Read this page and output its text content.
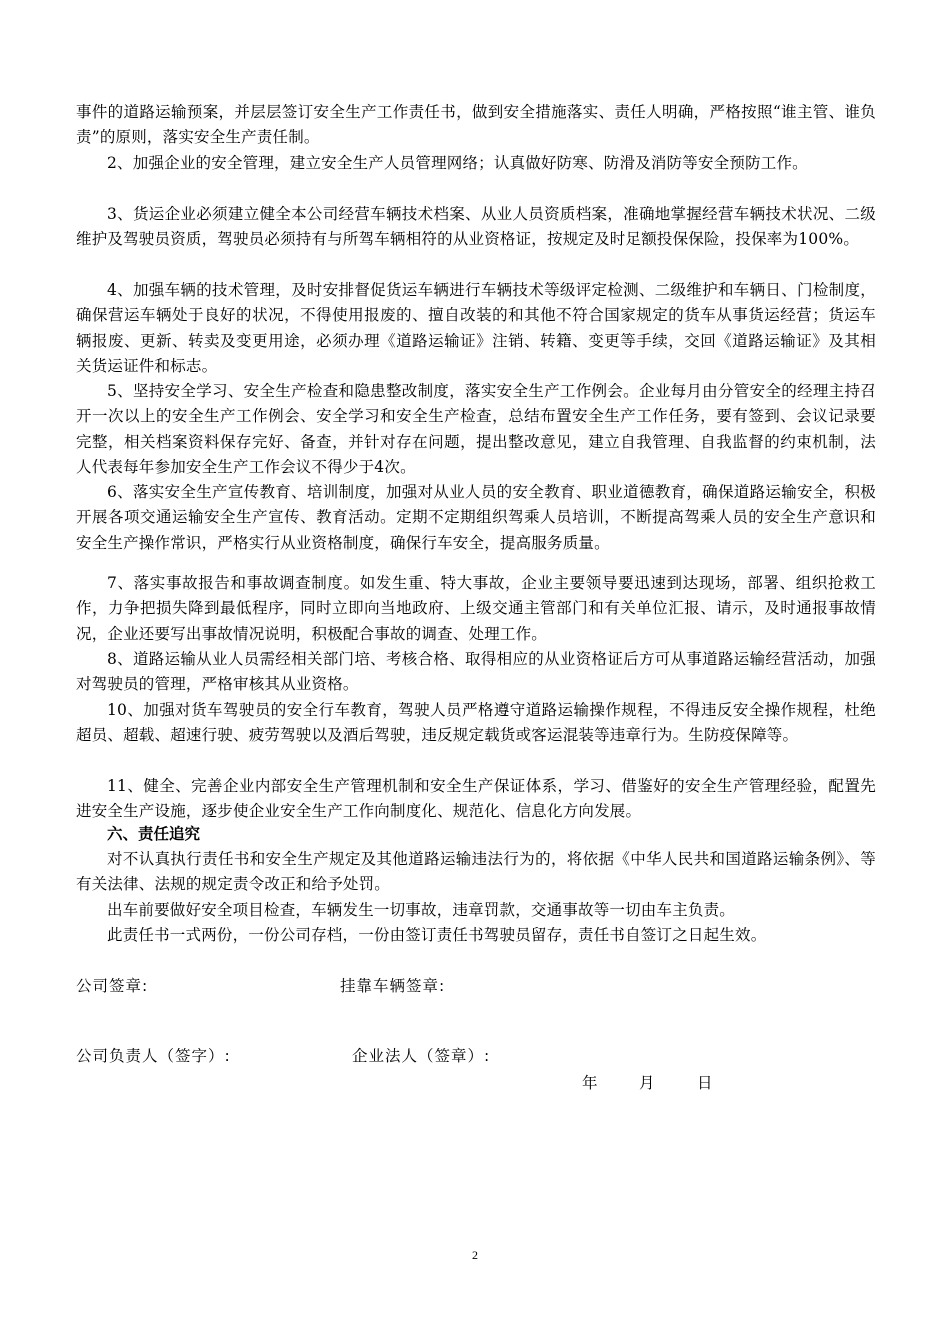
事件的道路运输预案，并层层签订安全生产工作责任书，做到安全措施落实、责任人明确，严格按照“谁主管、谁负责”的原则，落实安全生产责任制。

2、加强企业的安全管理，建立安全生产人员管理网络；认真做好防寒、防滑及消防等安全预防工作。

3、货运企业必须建立健全本公司经营车辆技术档案、从业人员资质档案，准确地掌握经营车辆技术状况、二级维护及驾驶员资质，驾驶员必须持有与所驾车辆相符的从业资格证，按规定及时足额投保保险，投保率为100%。

4、加强车辆的技术管理，及时安排督促货运车辆进行车辆技术等级评定检测、二级维护和车辆日、门检制度，确保营运车辆处于良好的状况，不得使用报废的、擅自改装的和其他不符合国家规定的货车从事货运经营；货运车辆报废、更新、转卖及变更用途，必须办理《道路运输证》注销、转籍、变更等手续，交回《道路运输证》及其相关货运证件和标志。

5、坚持安全学习、安全生产检查和隐患整改制度，落实安全生产工作例会。企业每月由分管安全的经理主持召开一次以上的安全生产工作例会、安全学习和安全生产检查，总结布置安全生产工作任务，要有签到、会议记录要完整，相关档案资料保存完好、备查，并针对存在问题，提出整改意见，建立自我管理、自我监督的约束机制，法人代表每年参加安全生产工作会议不得少于4次。

6、落实安全生产宣传教育、培训制度，加强对从业人员的安全教育、职业道德教育，确保道路运输安全，积极开展各项交通运输安全生产宣传、教育活动。定期不定期组织驾乘人员培训，不断提高驾乘人员的安全生产意识和安全生产操作常识，严格实行从业资格制度，确保行车安全，提高服务质量。

7、落实事故报告和事故调查制度。如发生重、特大事故，企业主要领导要迅速到达现场，部署、组织抢救工作，力争把损失降到最低程序，同时立即向当地政府、上级交通主管部门和有关单位汇报、请示，及时通报事故情况，企业还要写出事故情况说明，积极配合事故的调查、处理工作。

8、道路运输从业人员需经相关部门培、考核合格、取得相应的从业资格证后方可从事道路运输经营活动，加强对驾驶员的管理，严格审核其从业资格。

10、加强对货车驾驶员的安全行车教育，驾驶人员严格遵守道路运输操作规程，不得违反安全操作规程，杜绝超员、超载、超速行驶、疲劳驾驶以及酒后驾驶，违反规定载货或客运混装等违章行为。生防疫保障等。

11、健全、完善企业内部安全生产管理机制和安全生产保证体系，学习、借鉴好的安全生产管理经验，配置先进安全生产设施，逐步使企业安全生产工作向制度化、规范化、信息化方向发展。

六、责任追究

对不认真执行责任书和安全生产规定及其他道路运输违法行为的，将依据《中华人民共和国道路运输条例》、等有关法律、法规的规定责令改正和给予处罚。

出车前要做好安全项目检查，车辆发生一切事故，违章罚款，交通事故等一切由车主负责。

此责任书一式两份，一份公司存档，一份由签订责任书驾驶员留存，责任书自签订之日起生效。

公司签章:	挂靠车辆签章:

公司负责人（签字）:	企业法人（签章）:

年	月	日
2
